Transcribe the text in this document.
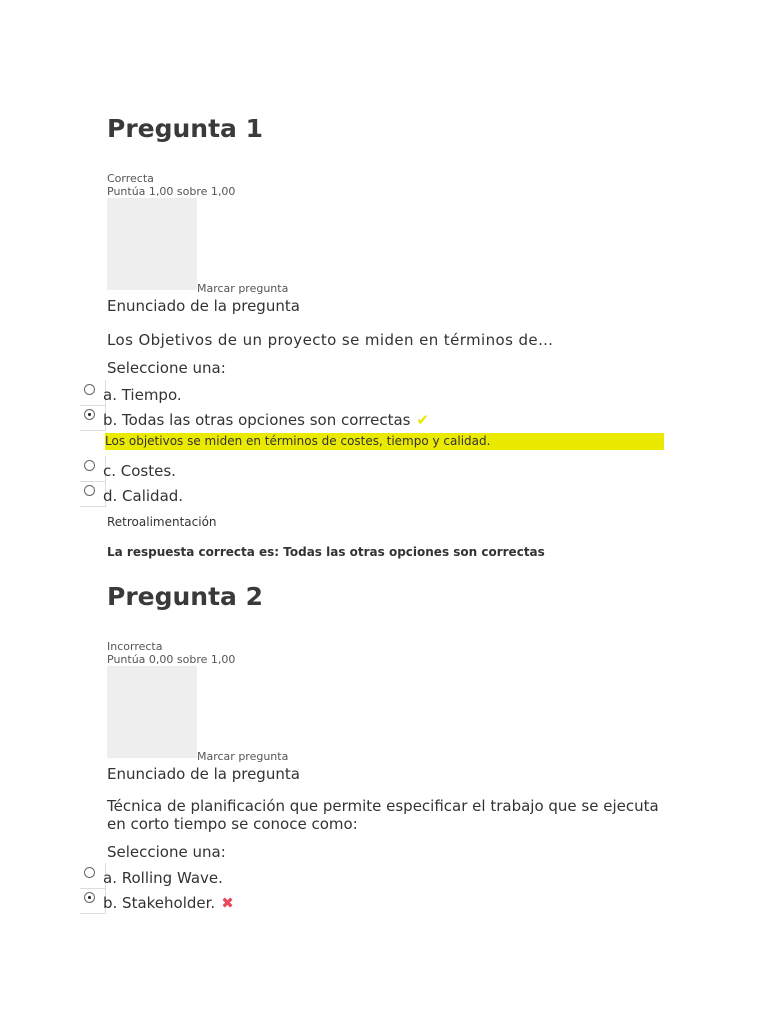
Pregunta 1
Correcta
Puntúa 1,00 sobre 1,00
Marcar pregunta
Enunciado de la pregunta
Los Objetivos de un proyecto se miden en términos de…
Seleccione una:
a. Tiempo.
b. Todas las otras opciones son correctas ✔
Los objetivos se miden en términos de costes, tiempo y calidad.
c. Costes.
d. Calidad.
Retroalimentación
La respuesta correcta es: Todas las otras opciones son correctas
Pregunta 2
Incorrecta
Puntúa 0,00 sobre 1,00
Marcar pregunta
Enunciado de la pregunta
Técnica de planificación que permite especificar el trabajo que se ejecuta en corto tiempo se conoce como:
Seleccione una:
a. Rolling Wave.
b. Stakeholder. ✖
